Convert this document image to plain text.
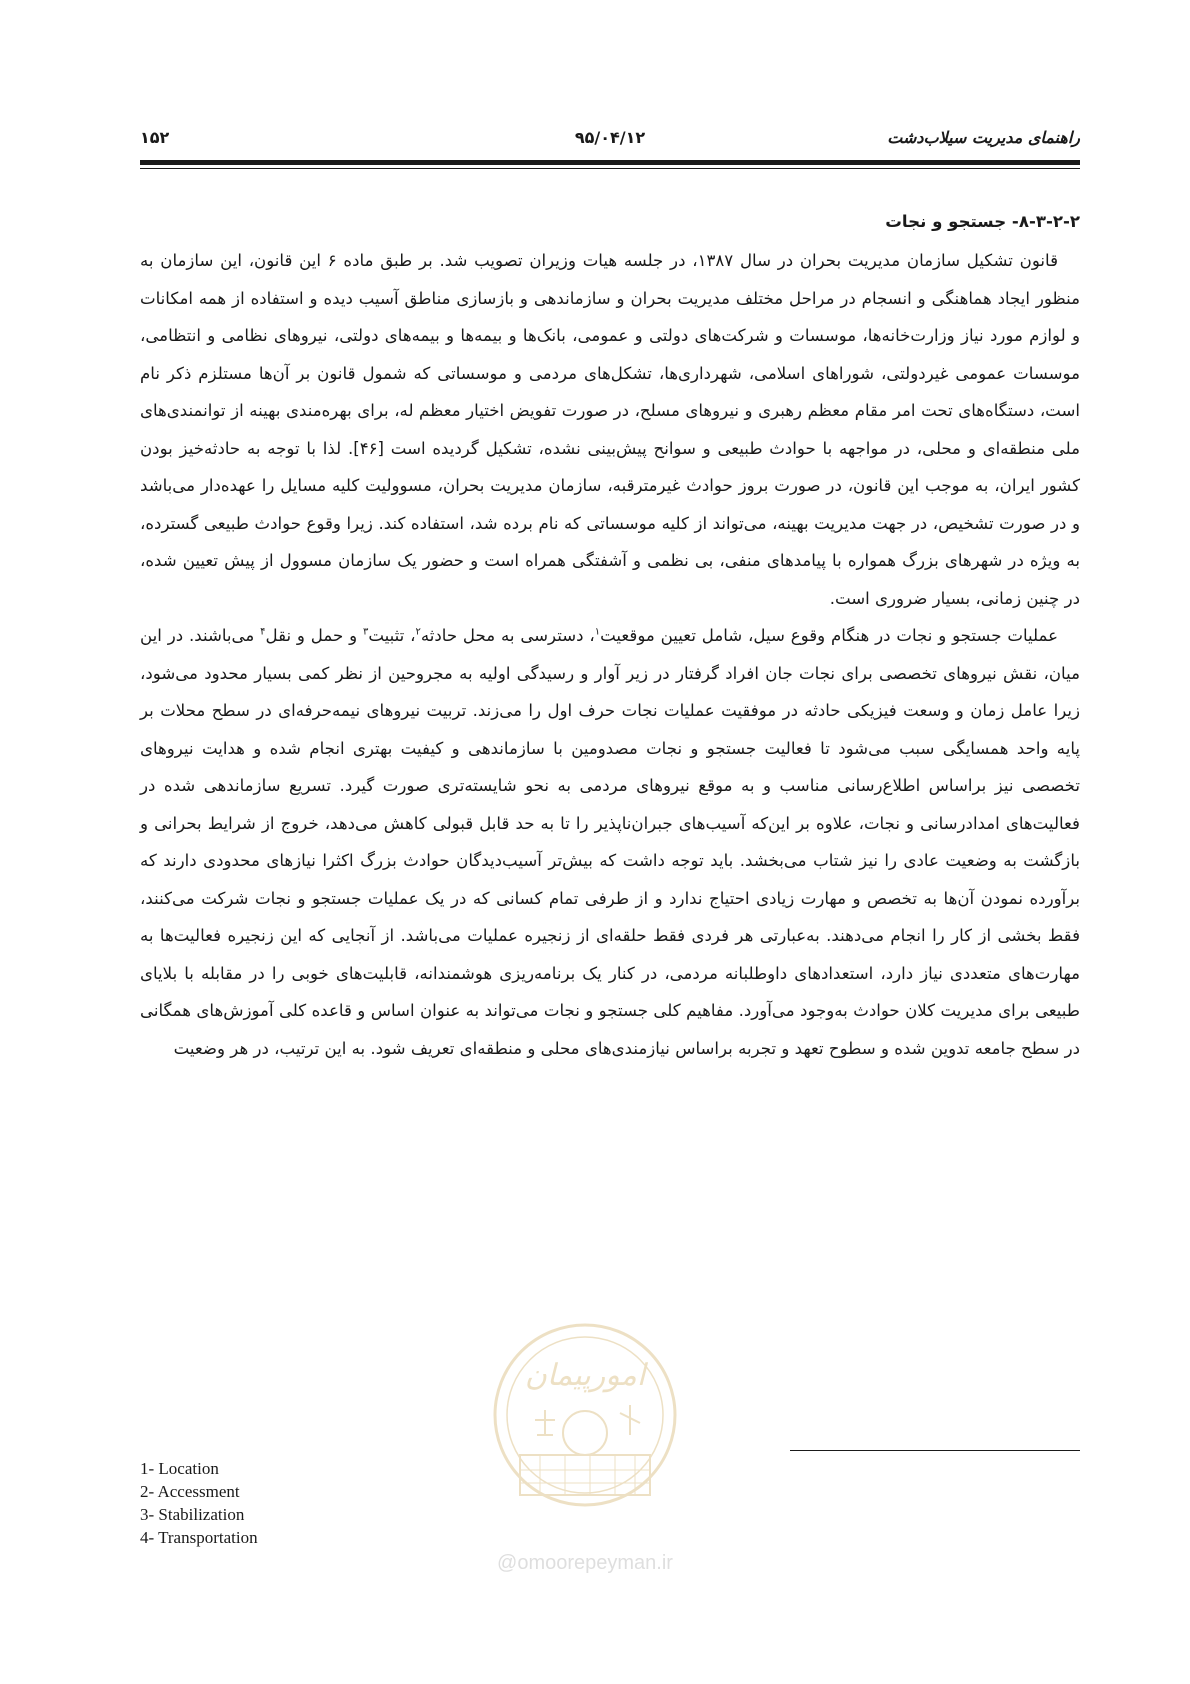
راهنمای مدیریت سیلاب‌دشت
۹۵/۰۴/۱۲
۱۵۲
۸-۳-۲-۲- جستجو و نجات

قانون تشکیل سازمان مدیریت بحران در سال ۱۳۸۷، در جلسه هیات وزیران تصویب شد. بر طبق ماده ۶ این قانون، این سازمان به منظور ایجاد هماهنگی و انسجام در مراحل مختلف مدیریت بحران و سازماندهی و بازسازی مناطق آسیب دیده و استفاده از همه امکانات و لوازم مورد نیاز وزارت‌خانه‌ها، موسسات و شرکت‌های دولتی و عمومی، بانک‌ها و بیمه‌ها و بیمه‌های دولتی، نیروهای نظامی و انتظامی، موسسات عمومی غیردولتی، شوراهای اسلامی، شهرداری‌ها، تشکل‌های مردمی و موسساتی که شمول قانون بر آن‌ها مستلزم ذکر نام است، دستگاه‌های تحت امر مقام معظم رهبری و نیروهای مسلح، در صورت تفویض اختیار معظم له، برای بهره‌مندی بهینه از توانمندی‌های ملی منطقه‌ای و محلی، در مواجهه با حوادث طبیعی و سوانح پیش‌بینی نشده، تشکیل گردیده است [۴۶]. لذا با توجه به حادثه‌خیز بودن کشور ایران، به موجب این قانون، در صورت بروز حوادث غیرمترقبه، سازمان مدیریت بحران، مسوولیت کلیه مسایل را عهده‌دار می‌باشد و در صورت تشخیص، در جهت مدیریت بهینه، می‌تواند از کلیه موسساتی که نام برده شد، استفاده کند. زیرا وقوع حوادث طبیعی گسترده، به ویژه در شهرهای بزرگ همواره با پیامدهای منفی، بی نظمی و آشفتگی همراه است و حضور یک سازمان مسوول از پیش تعیین شده، در چنین زمانی، بسیار ضروری است.

عملیات جستجو و نجات در هنگام وقوع سیل، شامل تعیین موقعیت$^۱$، دسترسی به محل حادثه$^۲$، تثبیت$^۳$ و حمل و نقل$^۴$ می‌باشند. در این میان، نقش نیروهای تخصصی برای نجات جان افراد گرفتار در زیر آوار و رسیدگی اولیه به مجروحین از نظر کمی بسیار محدود می‌شود، زیرا عامل زمان و وسعت فیزیکی حادثه در موفقیت عملیات نجات حرف اول را می‌زند. تربیت نیروهای نیمه‌حرفه‌ای در سطح محلات بر پایه واحد همسایگی سبب می‌شود تا فعالیت جستجو و نجات مصدومین با سازماندهی و کیفیت بهتری انجام شده و هدایت نیروهای تخصصی نیز براساس اطلاع‌رسانی مناسب و به موقع نیروهای مردمی به نحو شایسته‌تری صورت گیرد. تسریع سازماندهی شده در فعالیت‌های امدادرسانی و نجات، علاوه بر این‌که آسیب‌های جبران‌ناپذیر را تا به حد قابل قبولی کاهش می‌دهد، خروج از شرایط بحرانی و بازگشت به وضعیت عادی را نیز شتاب می‌بخشد. باید توجه داشت که بیش‌تر آسیب‌دیدگان حوادث بزرگ اکثرا نیازهای محدودی دارند که برآورده نمودن آن‌ها به تخصص و مهارت زیادی احتیاج ندارد و از طرفی تمام کسانی که در یک عملیات جستجو و نجات شرکت می‌کنند، فقط بخشی از کار را انجام می‌دهند. به‌عبارتی هر فردی فقط حلقه‌ای از زنجیره عملیات می‌باشد. از آنجایی که این زنجیره فعالیت‌ها به مهارت‌های متعددی نیاز دارد، استعدادهای داوطلبانه مردمی، در کنار یک برنامه‌ریزی هوشمندانه، قابلیت‌های خوبی را در مقابله با بلایای طبیعی برای مدیریت کلان حوادث به‌وجود می‌آورد. مفاهیم کلی جستجو و نجات می‌تواند به عنوان اساس و قاعده کلی آموزش‌های همگانی در سطح جامعه تدوین شده و سطوح تعهد و تجربه براساس نیازمندی‌های محلی و منطقه‌ای تعریف شود. به این ترتیب، در هر وضعیت

1- Location
2- Accessment
3- Stabilization
4- Transportation
امورپیمان
@omoorepeyman.ir
